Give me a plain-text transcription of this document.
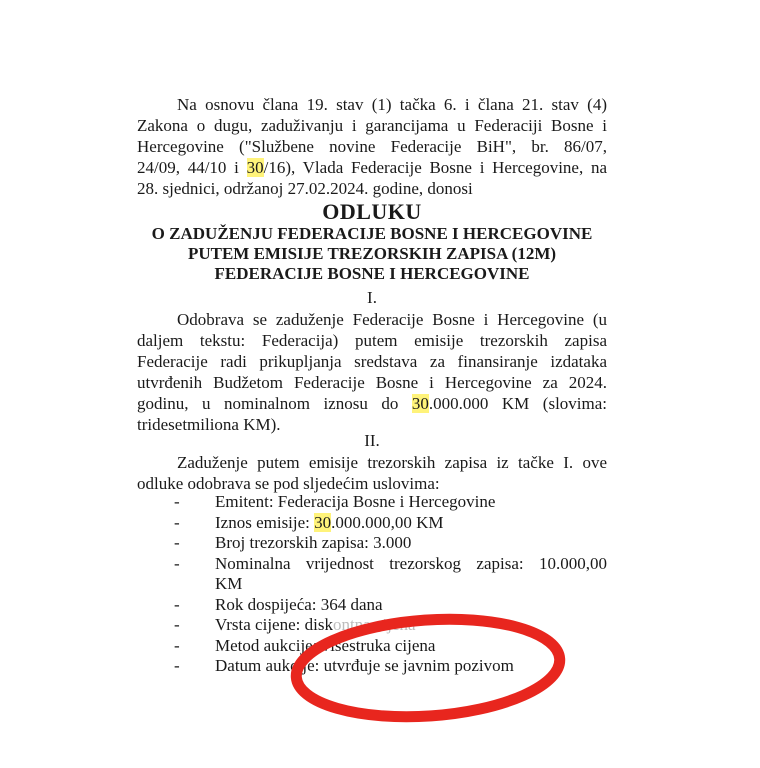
Na osnovu člana 19. stav (1) tačka 6. i člana 21. stav (4)
Zakona o dugu, zaduživanju i garancijama u Federaciji Bosne i
Hercegovine ("Službene novine Federacije BiH", br. 86/07,
24/09, 44/10 i 30/16), Vlada Federacije Bosne i Hercegovine, na
28. sjednici, održanoj 27.02.2024. godine, donosi
ODLUKU
O ZADUŽENJU FEDERACIJE BOSNE I HERCEGOVINE
PUTEM EMISIJE TREZORSKIH ZAPISA (12M)
FEDERACIJE BOSNE I HERCEGOVINE
I.
Odobrava se zaduženje Federacije Bosne i Hercegovine (u
daljem tekstu: Federacija) putem emisije trezorskih zapisa
Federacije radi prikupljanja sredstava za finansiranje izdataka
utvrđenih Budžetom Federacije Bosne i Hercegovine za 2024.
godinu, u nominalnom iznosu do 30.000.000 KM (slovima:
tridesetmiliona KM).
II.
Zaduženje putem emisije trezorskih zapisa iz tačke I. ove
odluke odobrava se pod sljedećim uslovima:
- Emitent: Federacija Bosne i Hercegovine
- Iznos emisije: 30.000.000,00 KM
- Broj trezorskih zapisa: 3.000
- Nominalna vrijednost trezorskog zapisa: 10.000,00
KM
- Rok dospijeća: 364 dana
- Vrsta cijene: diskontna cijena
- Metod aukcije: višestruka cijena
- Datum aukcije: utvrđuje se javnim pozivom
